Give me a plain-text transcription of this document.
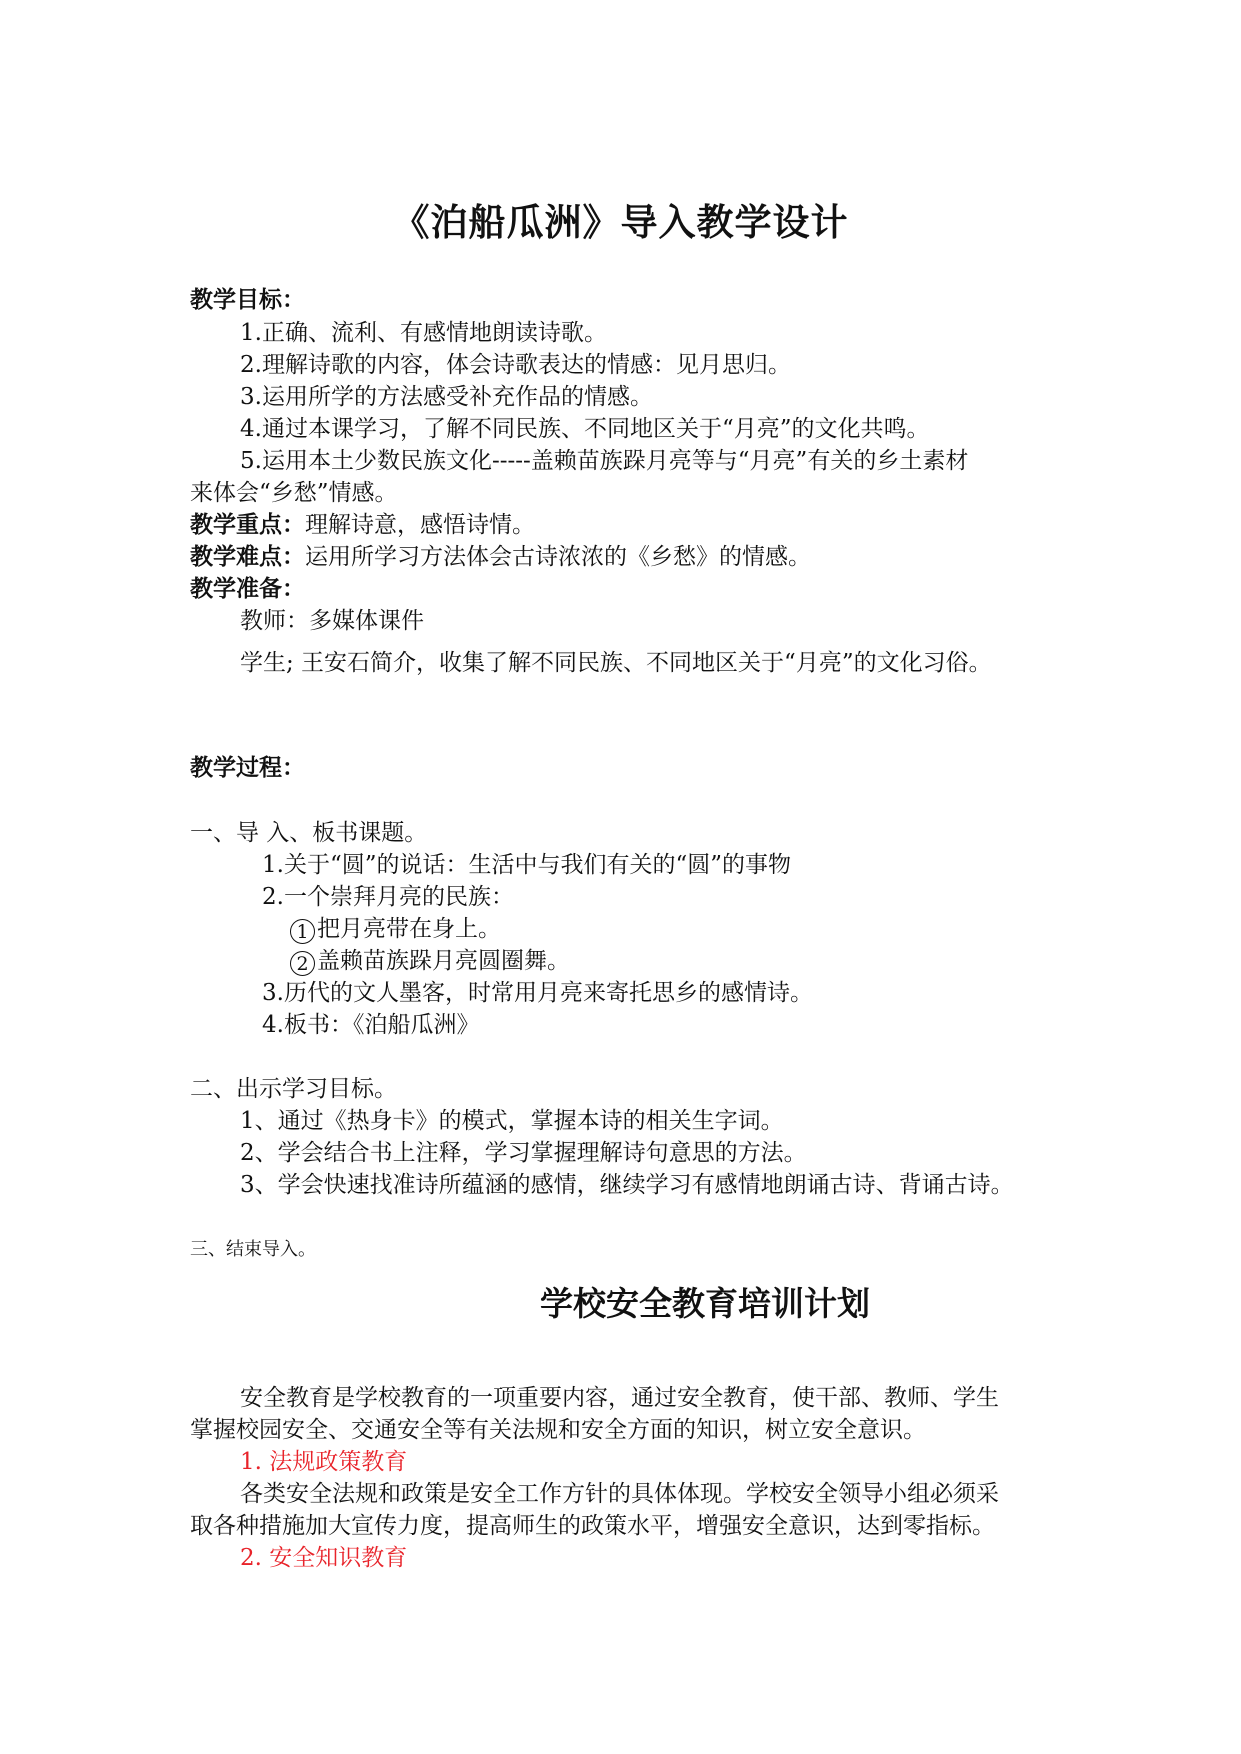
《泊船瓜洲》导入教学设计
教学目标：
1.正确、流利、有感情地朗读诗歌。
2.理解诗歌的内容，体会诗歌表达的情感：见月思归。
3.运用所学的方法感受补充作品的情感。
4.通过本课学习，了解不同民族、不同地区关于“月亮”的文化共鸣。
5.运用本土少数民族文化-----盖赖苗族跺月亮等与“月亮”有关的乡土素材
来体会“乡愁”情感。
教学重点：理解诗意，感悟诗情。
教学难点：运用所学习方法体会古诗浓浓的《乡愁》的情感。
教学准备：
教师：多媒体课件
学生; 王安石简介，收集了解不同民族、不同地区关于“月亮”的文化习俗。
教学过程：
一、导 入、板书课题。
1.关于“圆”的说话：生活中与我们有关的“圆”的事物
2.一个崇拜月亮的民族：
1 把月亮带在身上。
2 盖赖苗族跺月亮圆圈舞。
3.历代的文人墨客，时常用月亮来寄托思乡的感情诗。
4.板书：《泊船瓜洲》
二、出示学习目标。
1、通过《热身卡》的模式，掌握本诗的相关生字词。
2、学会结合书上注释，学习掌握理解诗句意思的方法。
3、学会快速找准诗所蕴涵的感情，继续学习有感情地朗诵古诗、背诵古诗。
三、结束导入。
学校安全教育培训计划
安全教育是学校教育的一项重要内容，通过安全教育，使干部、教师、学生
掌握校园安全、交通安全等有关法规和安全方面的知识，树立安全意识。
1. 法规政策教育
各类安全法规和政策是安全工作方针的具体体现。学校安全领导小组必须采
取各种措施加大宣传力度，提高师生的政策水平，增强安全意识，达到零指标。
2. 安全知识教育
